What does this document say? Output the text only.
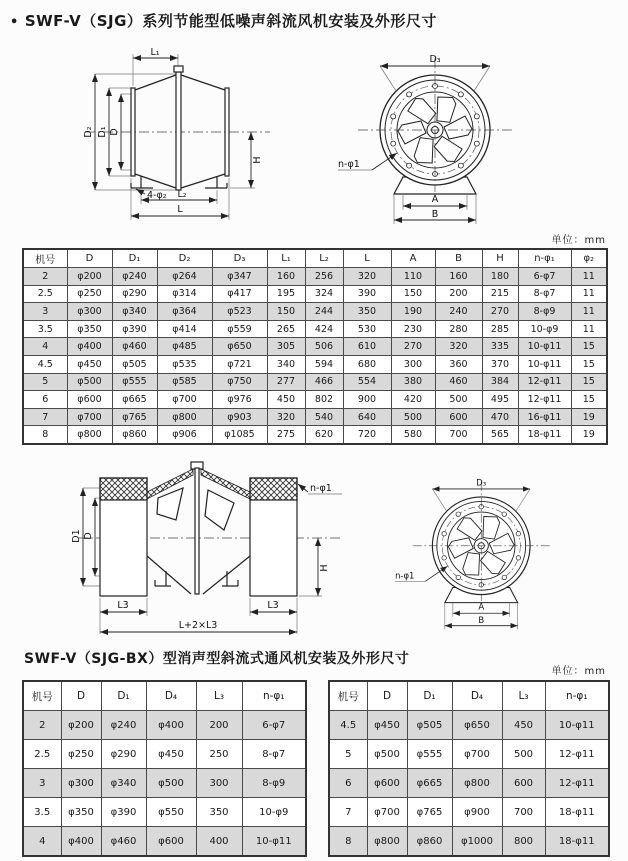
• SWF-V（SJG）系列节能型低噪声斜流风机安装及外形尺寸
L₁
D₂ D₁ D
H
4-φ₂ L₂
L
D₃
n-φ1
A
B
单位：mm
机号	D	D₁	D₂	D₃	L₁	L₂	L	A	B	H	n-φ₁	φ₂
2	φ200	φ240	φ264	φ347	160	256	320	110	160	180	6-φ7	11
2.5	φ250	φ290	φ314	φ417	195	324	390	150	200	215	8-φ7	11
3	φ300	φ340	φ364	φ523	150	244	350	190	240	270	8-φ9	11
3.5	φ350	φ390	φ414	φ559	265	424	530	230	280	285	10-φ9	11
4	φ400	φ460	φ485	φ650	305	506	610	270	320	335	10-φ11	15
4.5	φ450	φ505	φ535	φ721	340	594	680	300	360	370	10-φ11	15
5	φ500	φ555	φ585	φ750	277	466	554	380	460	384	12-φ11	15
6	φ600	φ665	φ700	φ976	450	802	900	420	500	495	12-φ11	15
7	φ700	φ765	φ800	φ903	320	540	640	500	600	470	16-φ11	19
8	φ800	φ860	φ906	φ1085	275	620	720	580	700	565	18-φ11	19
D1 D
H
n-φ1
L3	L3
L+2×L3
D₃
n-φ1
A
B
SWF-V（SJG-BX）型消声型斜流式通风机安装及外形尺寸
单位：mm
机号	D	D₁	D₄	L₃	n-φ₁
2	φ200	φ240	φ400	200	6-φ7
2.5	φ250	φ290	φ450	250	8-φ7
3	φ300	φ340	φ500	300	8-φ9
3.5	φ350	φ390	φ550	350	10-φ9
4	φ400	φ460	φ600	400	10-φ11
机号	D	D₁	D₄	L₃	n-φ₁
4.5	φ450	φ505	φ650	450	10-φ11
5	φ500	φ555	φ700	500	12-φ11
6	φ600	φ665	φ800	600	12-φ11
7	φ700	φ765	φ900	700	18-φ11
8	φ800	φ860	φ1000	800	18-φ11
